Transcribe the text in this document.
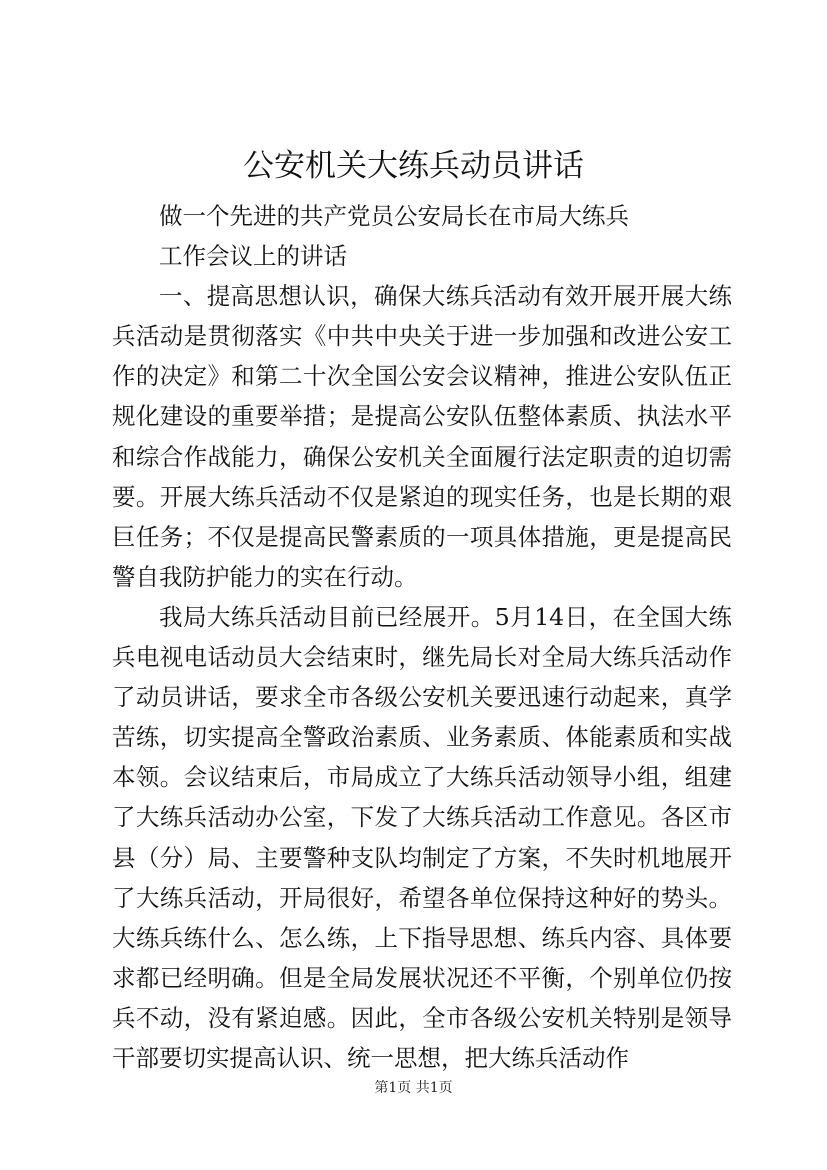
公安机关大练兵动员讲话

做一个先进的共产党员公安局长在市局大练兵

工作会议上的讲话

一、提高思想认识，确保大练兵活动有效开展开展大练兵活动是贯彻落实《中共中央关于进一步加强和改进公安工作的决定》和第二十次全国公安会议精神，推进公安队伍正规化建设的重要举措；是提高公安队伍整体素质、执法水平和综合作战能力，确保公安机关全面履行法定职责的迫切需要。开展大练兵活动不仅是紧迫的现实任务，也是长期的艰巨任务；不仅是提高民警素质的一项具体措施，更是提高民警自我防护能力的实在行动。

我局大练兵活动目前已经展开。5月14日，在全国大练兵电视电话动员大会结束时，继先局长对全局大练兵活动作了动员讲话，要求全市各级公安机关要迅速行动起来，真学苦练，切实提高全警政治素质、业务素质、体能素质和实战本领。会议结束后，市局成立了大练兵活动领导小组，组建了大练兵活动办公室，下发了大练兵活动工作意见。各区市县（分）局、主要警种支队均制定了方案，不失时机地展开了大练兵活动，开局很好，希望各单位保持这种好的势头。大练兵练什么、怎么练，上下指导思想、练兵内容、具体要求都已经明确。但是全局发展状况还不平衡，个别单位仍按兵不动，没有紧迫感。因此，全市各级公安机关特别是领导干部要切实提高认识、统一思想，把大练兵活动作

第1页 共1页
